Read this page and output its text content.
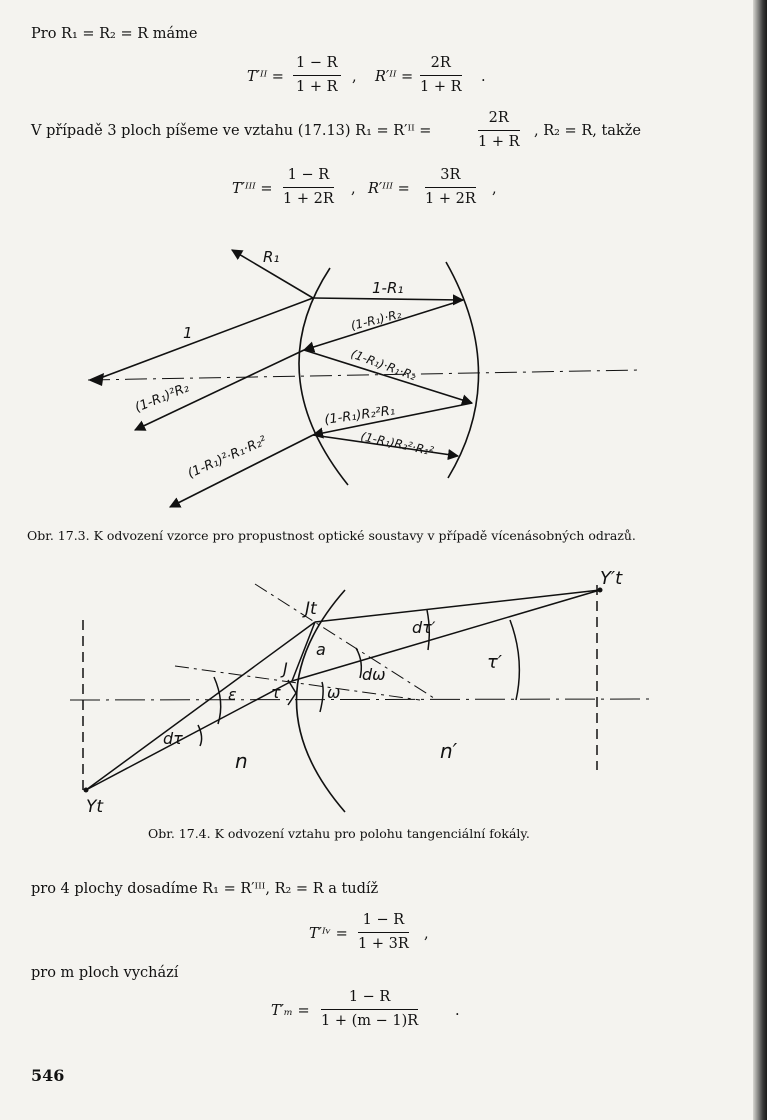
Pro R₁ = R₂ = R máme
T′ᴵᴵ =
1 − R
1 + R
, R′ᴵᴵ =
2R
1 + R
.
V případě 3 ploch píšeme ve vztahu (17.13) R₁ = R′ᴵᴵ =
2R
1 + R
, R₂ = R, takže
T′ᴵᴵᴵ =
1 − R
1 + 2R
, R′ᴵᴵᴵ =
3R
1 + 2R
,
R₁
1
1-R₁
(1-R₁)·R₂
(1-R₁)·R₁·R₂
(1-R₁)²R₂	(1-R₁)R₂²R₁
(1-R₁)R₂²·R₁²
(1-R₁)²·R₁·R₂²
Obr. 17.3. K odvození vzorce pro propustnost optické soustavy v případě vícenásobných odrazů.
Y′t
Yt
Jt
J
a
dτ′
τ′
dω
ω
ε τ
dτ
n	n′
Obr. 17.4. K odvození vztahu pro polohu tangenciální fokály.
pro 4 plochy dosadíme R₁ = R′ᴵᴵᴵ, R₂ = R a tudíž
T′ᴵᵛ =
1 − R
1 + 3R
,
pro m ploch vychází
T′ₘ =
1 − R
1 + (m − 1)R
.
546
